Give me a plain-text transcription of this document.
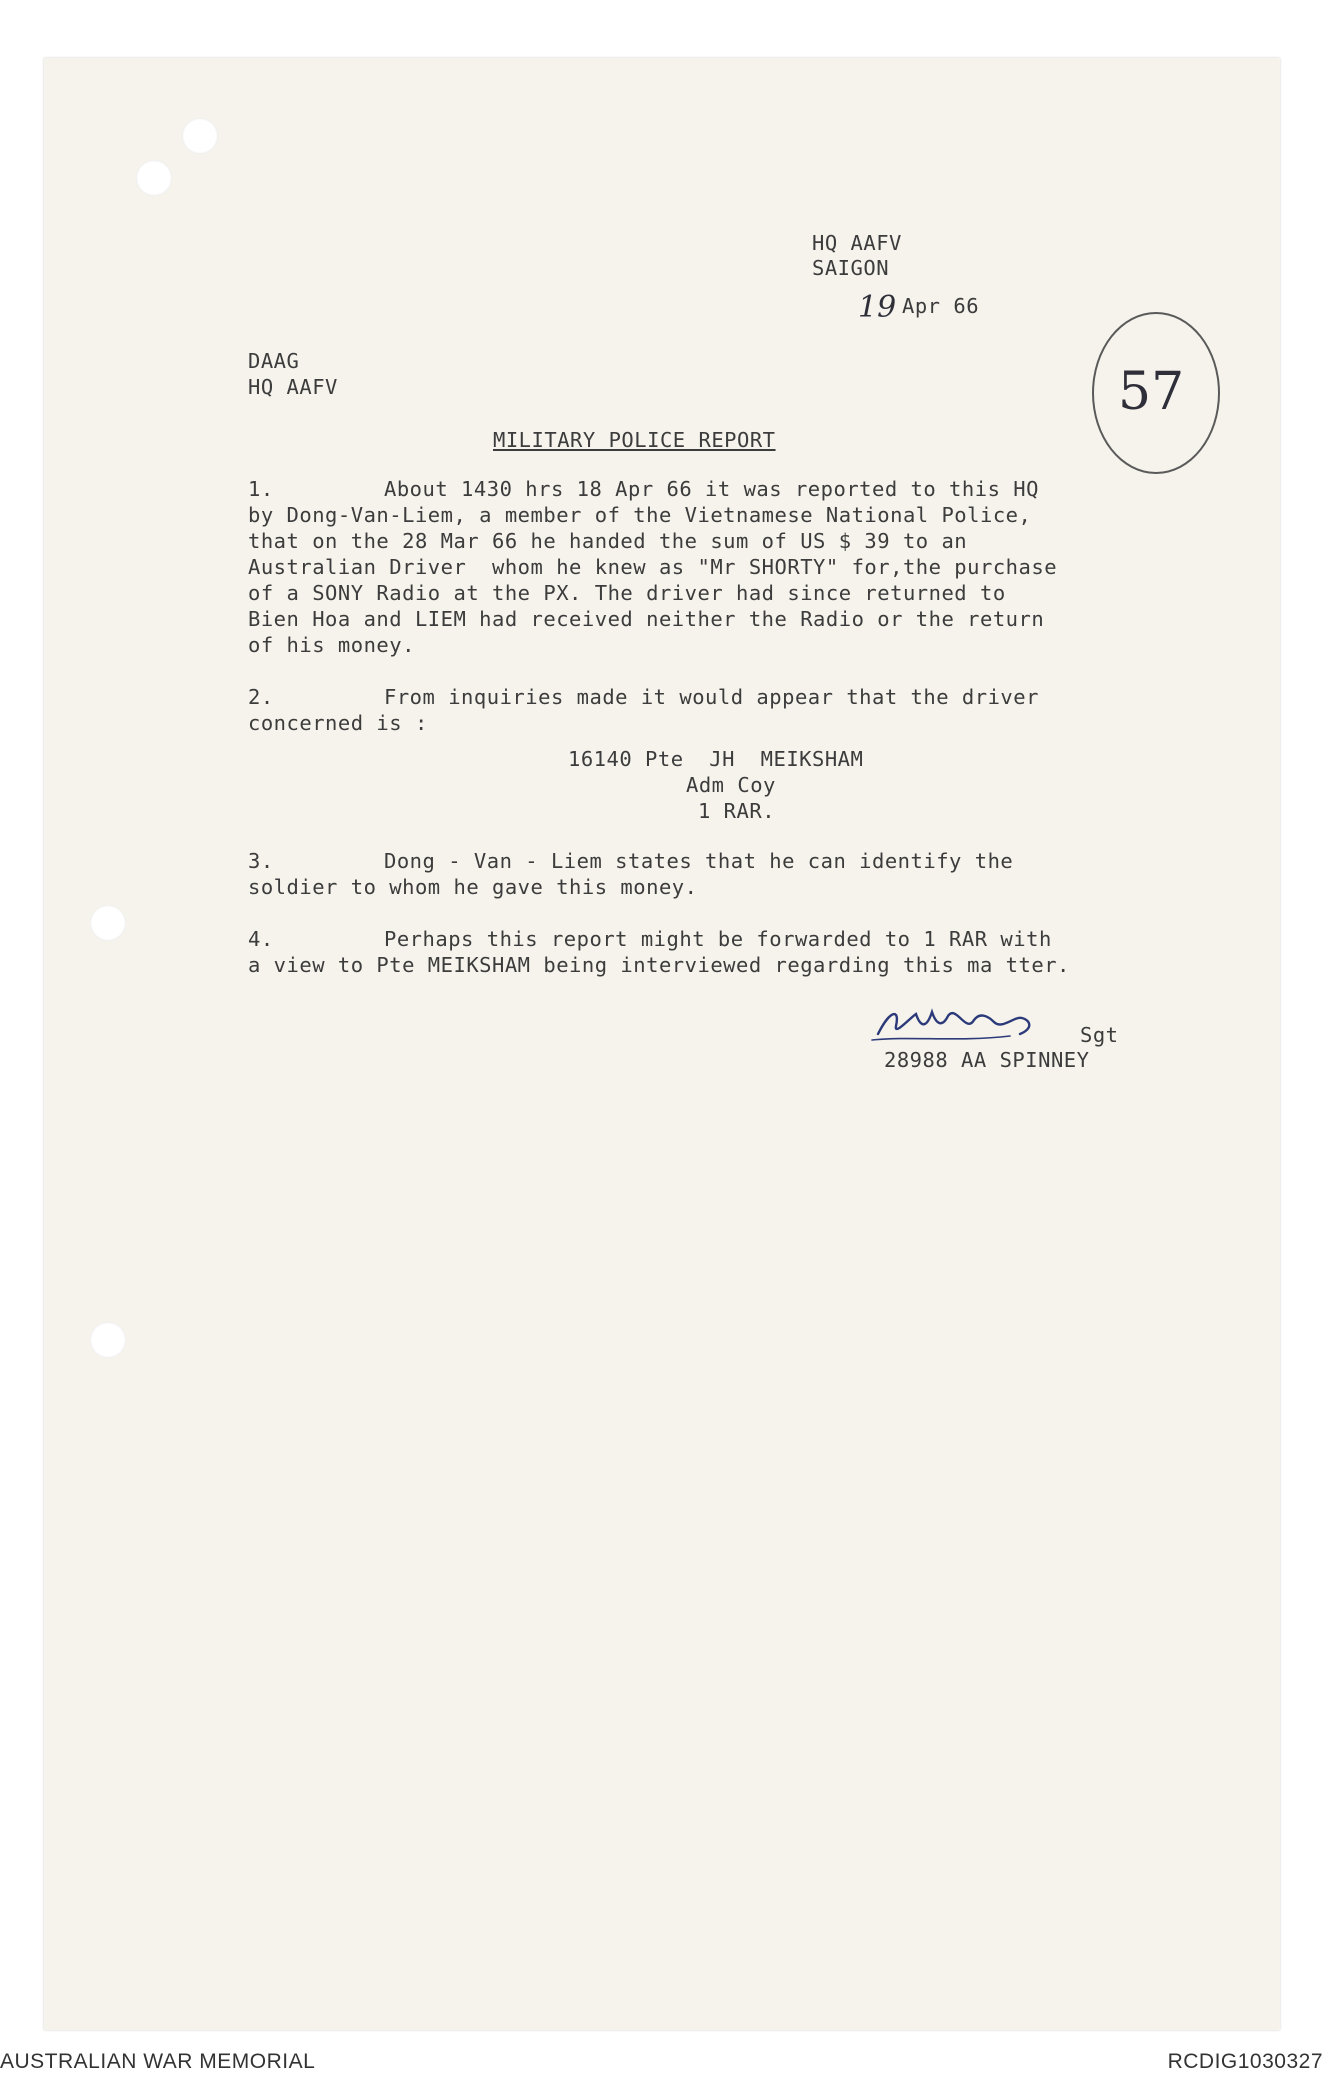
HQ AAFV
SAIGON
19 Apr 66
57
DAAG
HQ AAFV
MILITARY POLICE REPORT
1.	About 1430 hrs 18 Apr 66 it was reported to this HQ
by Dong-Van-Liem, a member of the Vietnamese National Police,
that on the 28 Mar 66 he handed the sum of US $ 39 to an
Australian Driver  whom he knew as "Mr SHORTY" for,the purchase
of a SONY Radio at the PX. The driver had since returned to
Bien Hoa and LIEM had received neither the Radio or the return
of his money.
2.	From inquiries made it would appear that the driver
concerned is :
16140 Pte  JH  MEIKSHAM
Adm Coy
1 RAR.
3.	Dong - Van - Liem states that he can identify the
soldier to whom he gave this money.
4.	Perhaps this report might be forwarded to 1 RAR with
a view to Pte MEIKSHAM being interviewed regarding this ma tter.
Sgt
28988 AA SPINNEY
AUSTRALIAN WAR MEMORIAL	RCDIG1030327
